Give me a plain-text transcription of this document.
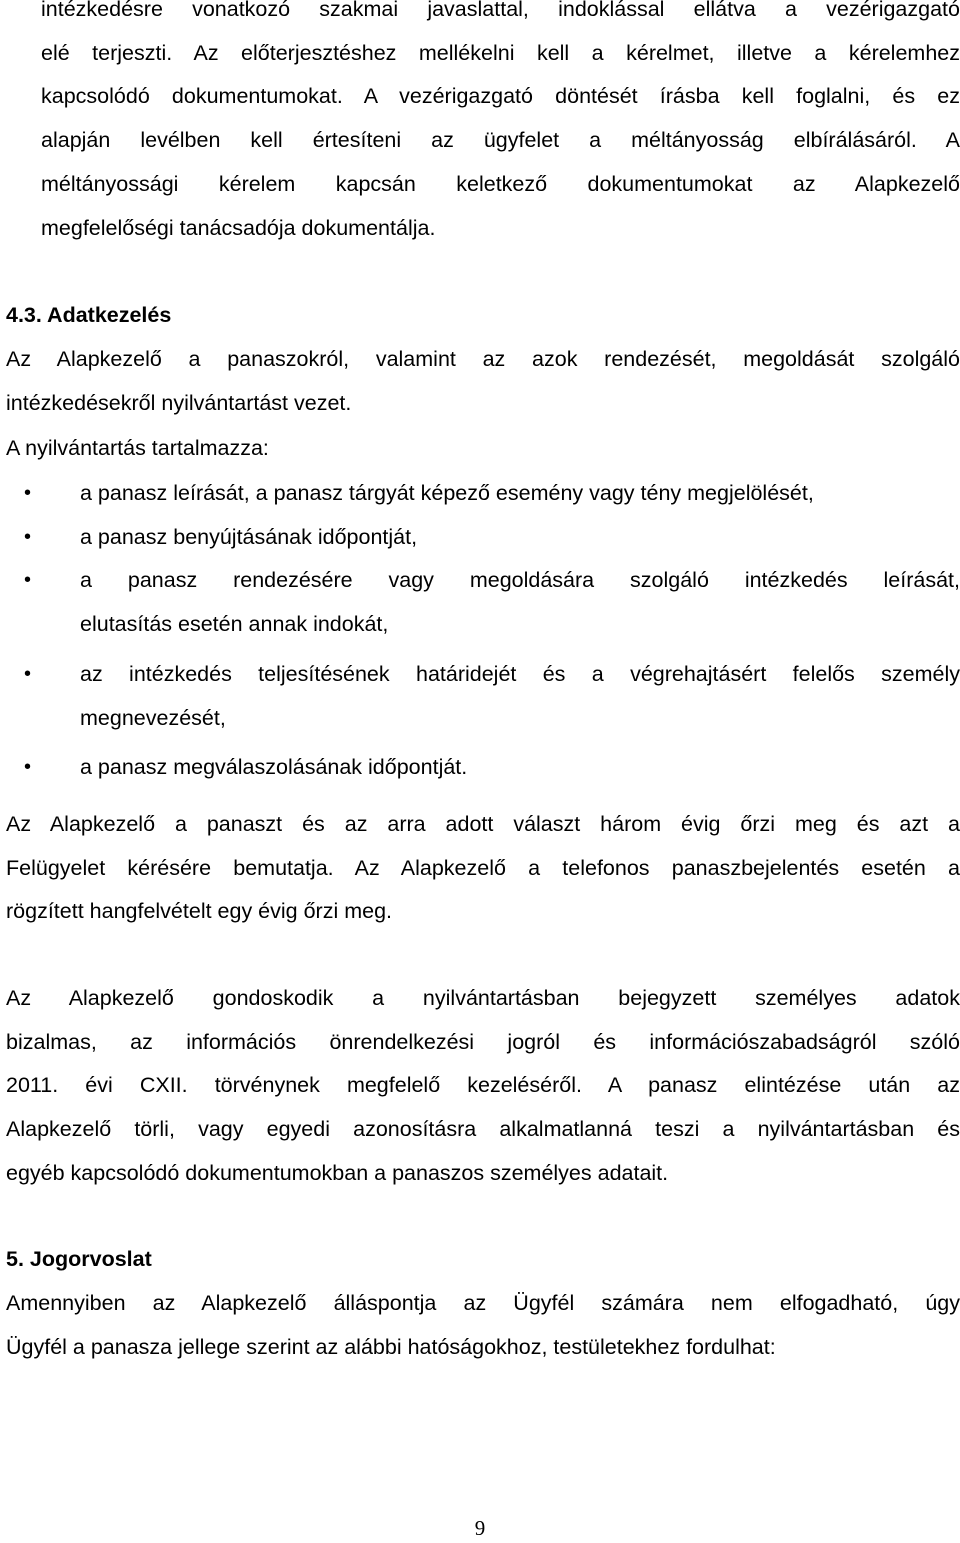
intézkedésre vonatkozó szakmai javaslattal, indoklással ellátva a vezérigazgató
elé terjeszti. Az előterjesztéshez mellékelni kell a kérelmet, illetve a kérelemhez
kapcsolódó dokumentumokat. A vezérigazgató döntését írásba kell foglalni, és ez
alapján levélben kell értesíteni az ügyfelet a méltányosság elbírálásáról. A
méltányossági kérelem kapcsán keletkező dokumentumokat az Alapkezelő
megfelelőségi tanácsadója dokumentálja.

4.3. Adatkezelés

Az Alapkezelő a panaszokról, valamint az azok rendezését, megoldását szolgáló
intézkedésekről nyilvántartást vezet.

A nyilvántartás tartalmazza:

• a panasz leírását, a panasz tárgyát képező esemény vagy tény megjelölését,
• a panasz benyújtásának időpontját,
• a panasz rendezésére vagy megoldására szolgáló intézkedés leírását,
elutasítás esetén annak indokát,
• az intézkedés teljesítésének határidejét és a végrehajtásért felelős személy
megnevezését,
• a panasz megválaszolásának időpontját.

Az Alapkezelő a panaszt és az arra adott választ három évig őrzi meg és azt a
Felügyelet kérésére bemutatja. Az Alapkezelő a telefonos panaszbejelentés esetén a
rögzített hangfelvételt egy évig őrzi meg.

Az Alapkezelő gondoskodik a nyilvántartásban bejegyzett személyes adatok
bizalmas, az információs önrendelkezési jogról és információszabadságról szóló
2011. évi CXII. törvénynek megfelelő kezeléséről. A panasz elintézése után az
Alapkezelő törli, vagy egyedi azonosításra alkalmatlanná teszi a nyilvántartásban és
egyéb kapcsolódó dokumentumokban a panaszos személyes adatait.

5. Jogorvoslat

Amennyiben az Alapkezelő álláspontja az Ügyfél számára nem elfogadható, úgy
Ügyfél a panasza jellege szerint az alábbi hatóságokhoz, testületekhez fordulhat:

9
